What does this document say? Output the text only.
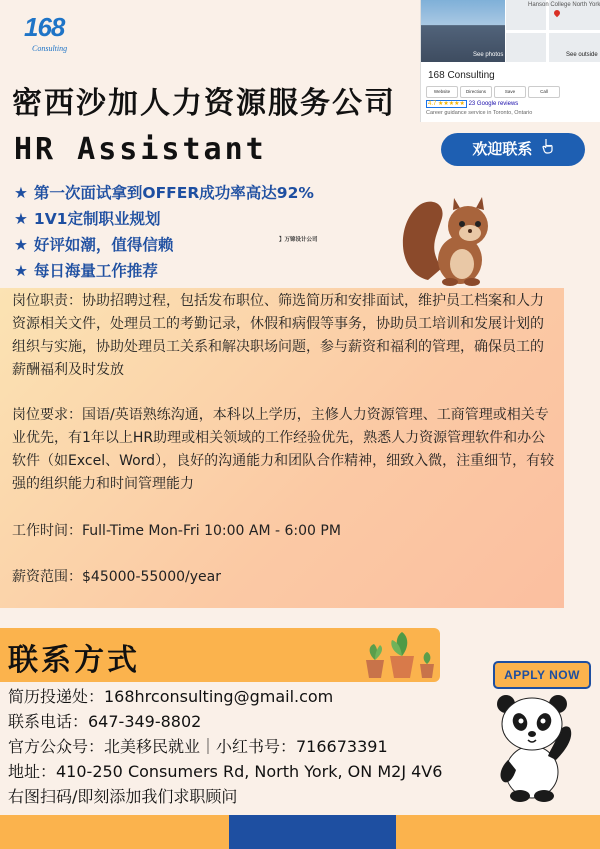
168
Consulting
密西沙加人力资源服务公司
HR Assistant
See photos
Hanson College North York
See outside
168 Consulting
Website	Directions	Save	Call
4.7 ★★★★★ 23 Google reviews
Career guidance service in Toronto, Ontario
欢迎联系
★ 第一次面试拿到OFFER成功率高达92%
★ 1V1定制职业规划
★ 好评如潮，值得信赖
★ 每日海量工作推荐
】万锦设计公司
岗位职责：协助招聘过程，包括发布职位、筛选简历和安排面试，维护员工档案和人力资源相关文件，处理员工的考勤记录，休假和病假等事务，协助员工培训和发展计划的组织与实施，协助处理员工关系和解决职场问题，参与薪资和福利的管理，确保员工的薪酬福利及时发放
岗位要求：国语/英语熟练沟通，本科以上学历，主修人力资源管理、工商管理或相关专业优先，有1年以上HR助理或相关领域的工作经验优先，熟悉人力资源管理软件和办公软件（如Excel、Word），良好的沟通能力和团队合作精神，细致入微，注重细节，有较强的组织能力和时间管理能力
工作时间：Full-Time Mon-Fri 10:00 AM - 6:00 PM
薪资范围：$45000-55000/year
联系方式	APPLY NOW
简历投递处：168hrconsulting@gmail.com
联系电话：647-349-8802
官方公众号：北美移民就业｜小红书号：716673391
地址：410-250 Consumers Rd, North York, ON M2J 4V6
右图扫码/即刻添加我们求职顾问
